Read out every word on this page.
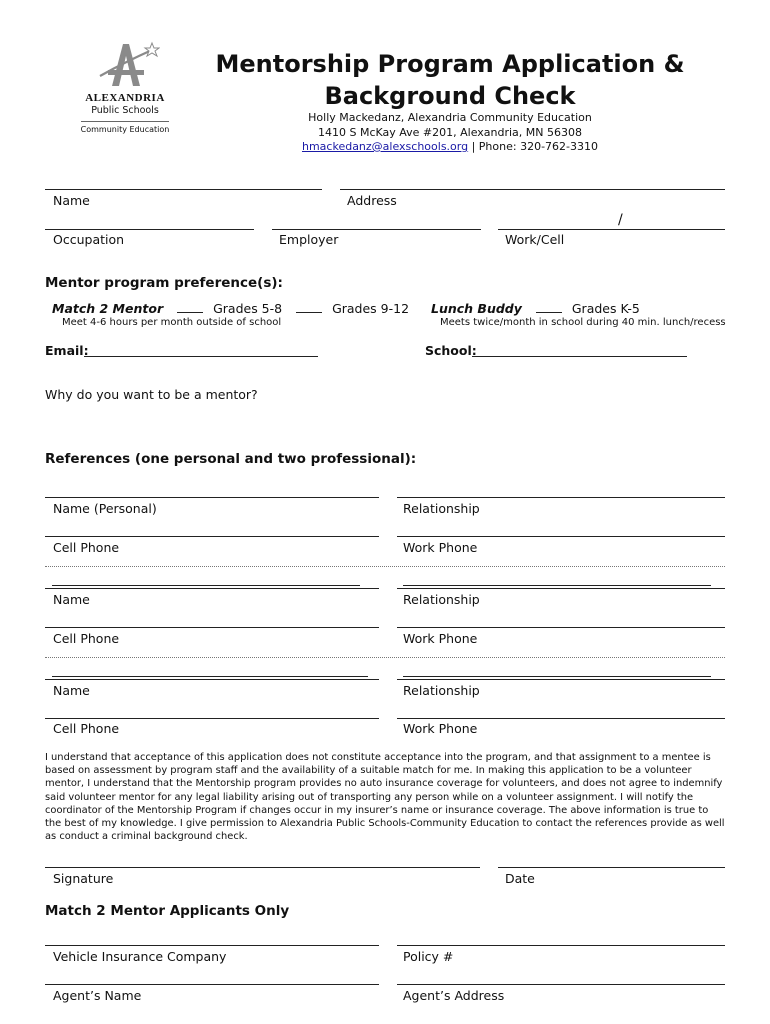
ALEXANDRIA
Public Schools
Community Education
Mentorship Program Application &
Background Check
Holly Mackedanz, Alexandria Community Education
1410 S McKay Ave #201, Alexandria, MN 56308
hmackedanz@alexschools.org | Phone: 320-762-3310
Name	Address
/
Occupation	Employer	Work/Cell
Mentor program preference(s):
Match 2 Mentor	Grades 5-8	Grades 9-12
Meet 4-6 hours per month outside of school
Lunch Buddy	Grades K-5
Meets twice/month in school during 40 min. lunch/recess
Email:	School:
Why do you want to be a mentor?
References (one personal and two professional):
Name (Personal)	Relationship
Cell Phone	Work Phone
Name	Relationship
Cell Phone	Work Phone
Name	Relationship
Cell Phone	Work Phone
I understand that acceptance of this application does not constitute acceptance into the program, and that assignment to a mentee is based on assessment by program staff and the availability of a suitable match for me. In making this application to be a volunteer mentor, I understand that the Mentorship program provides no auto insurance coverage for volunteers, and does not agree to indemnify said volunteer mentor for any legal liability arising out of transporting any person while on a volunteer assignment. I will notify the coordinator of the Mentorship Program if changes occur in my insurer’s name or insurance coverage. The above information is true to the best of my knowledge. I give permission to Alexandria Public Schools-Community Education to contact the references provide as well as conduct a criminal background check.
Signature	Date
Match 2 Mentor Applicants Only
Vehicle Insurance Company	Policy #
Agent’s Name	Agent’s Address
